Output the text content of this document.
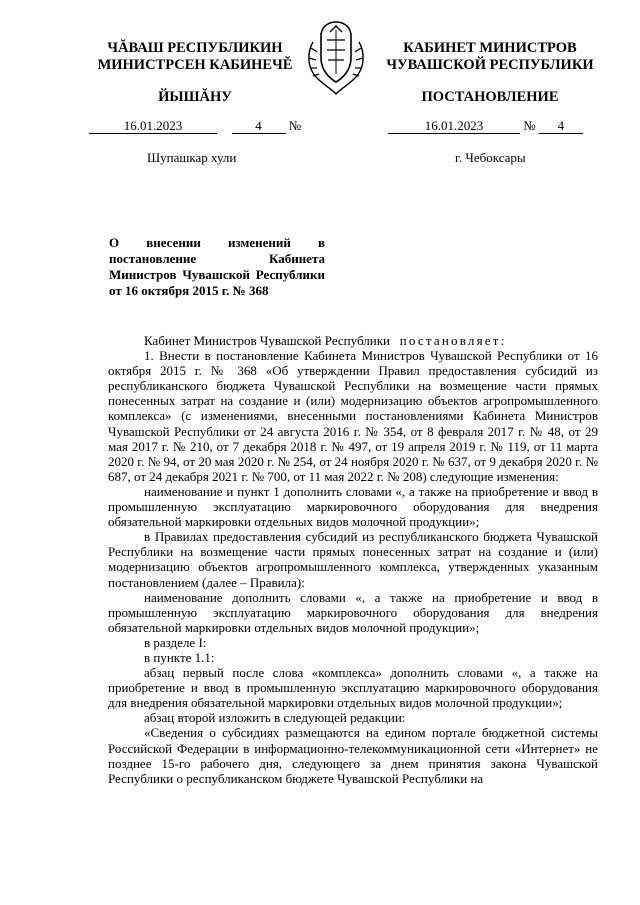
ЧĂВАШ РЕСПУБЛИКИН
МИНИСТРСЕН КАБИНЕЧĔ
ЙЫШĂНУ
КАБИНЕТ МИНИСТРОВ
ЧУВАШСКОЙ РЕСПУБЛИКИ
ПОСТАНОВЛЕНИЕ
16.01.2023	4 №	16.01.2023	№ 4
Шупашкар хули	г. Чебоксары
О внесении изменений в постановление Кабинета Министров Чувашской Республики от 16 октября 2015 г. № 368

Кабинет Министров Чувашской Республики постановляет:

1. Внести в постановление Кабинета Министров Чувашской Республики от 16 октября 2015 г. № 368 «Об утверждении Правил предоставления субсидий из республиканского бюджета Чувашской Республики на возмещение части прямых понесенных затрат на создание и (или) модернизацию объектов агропромышленного комплекса» (с изменениями, внесенными постановлениями Кабинета Министров Чувашской Республики от 24 августа 2016 г. № 354, от 8 февраля 2017 г. № 48, от 29 мая 2017 г. № 210, от 7 декабря 2018 г. № 497, от 19 апреля 2019 г. № 119, от 11 марта 2020 г. № 94, от 20 мая 2020 г. № 254, от 24 ноября 2020 г. № 637, от 9 декабря 2020 г. № 687, от 24 декабря 2021 г. № 700, от 11 мая 2022 г. № 208) следующие изменения:

наименование и пункт 1 дополнить словами «, а также на приобретение и ввод в промышленную эксплуатацию маркировочного оборудования для внедрения обязательной маркировки отдельных видов молочной продукции»;

в Правилах предоставления субсидий из республиканского бюджета Чувашской Республики на возмещение части прямых понесенных затрат на создание и (или) модернизацию объектов агропромышленного комплекса, утвержденных указанным постановлением (далее – Правила):

наименование дополнить словами «, а также на приобретение и ввод в промышленную эксплуатацию маркировочного оборудования для внедрения обязательной маркировки отдельных видов молочной продукции»;

в разделе I:

в пункте 1.1:

абзац первый после слова «комплекса» дополнить словами «, а также на приобретение и ввод в промышленную эксплуатацию маркировочного оборудования для внедрения обязательной маркировки отдельных видов молочной продукции»;

абзац второй изложить в следующей редакции:

«Сведения о субсидиях размещаются на едином портале бюджетной системы Российской Федерации в информационно-телекоммуникационной сети «Интернет» не позднее 15-го рабочего дня, следующего за днем принятия закона Чувашской Республики о республиканском бюджете Чувашской Республики на
